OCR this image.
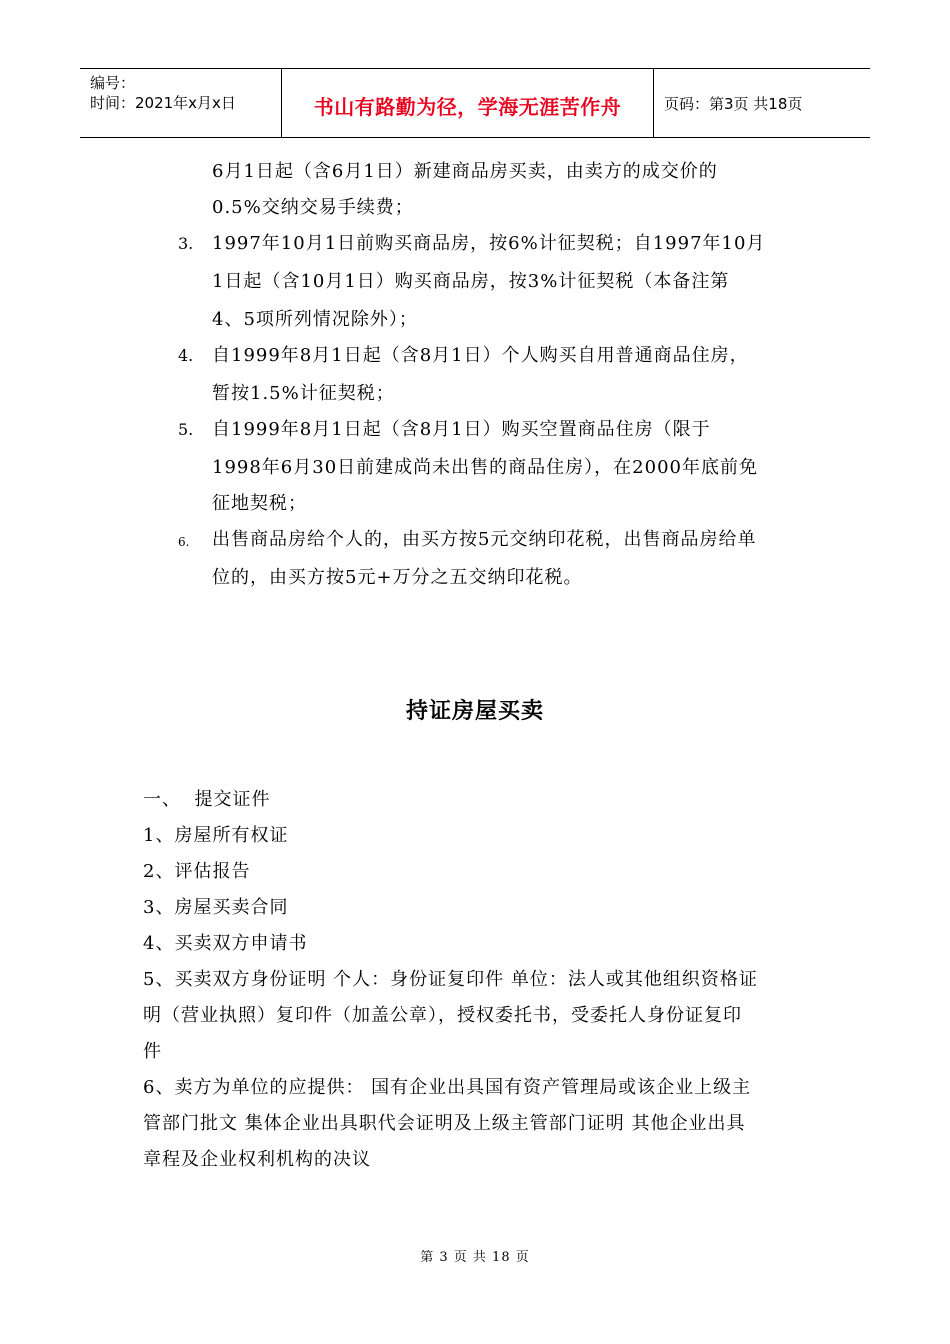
编号：
时间：2021年x月x日	书山有路勤为径，学海无涯苦作舟	页码：第3页 共18页
6月1日起（含6月1日）新建商品房买卖，由卖方的成交价的
0.5%交纳交易手续费；
3. 1997年10月1日前购买商品房，按6%计征契税；自1997年10月
1日起（含10月1日）购买商品房，按3%计征契税（本备注第
4、5项所列情况除外）；
4. 自1999年8月1日起（含8月1日）个人购买自用普通商品住房，
暂按1.5%计征契税；
5. 自1999年8月1日起（含8月1日）购买空置商品住房（限于
1998年6月30日前建成尚未出售的商品住房），在2000年底前免
征地契税；
6. 出售商品房给个人的，由买方按5元交纳印花税，出售商品房给单
位的，由买方按5元+万分之五交纳印花税。
持证房屋买卖
一、  提交证件
1、房屋所有权证
2、评估报告
3、房屋买卖合同
4、买卖双方申请书
5、买卖双方身份证明 个人：身份证复印件 单位：法人或其他组织资格证
明（营业执照）复印件（加盖公章），授权委托书，受委托人身份证复印
件
6、卖方为单位的应提供： 国有企业出具国有资产管理局或该企业上级主
管部门批文 集体企业出具职代会证明及上级主管部门证明 其他企业出具
章程及企业权利机构的决议
第 3 页 共 18 页
